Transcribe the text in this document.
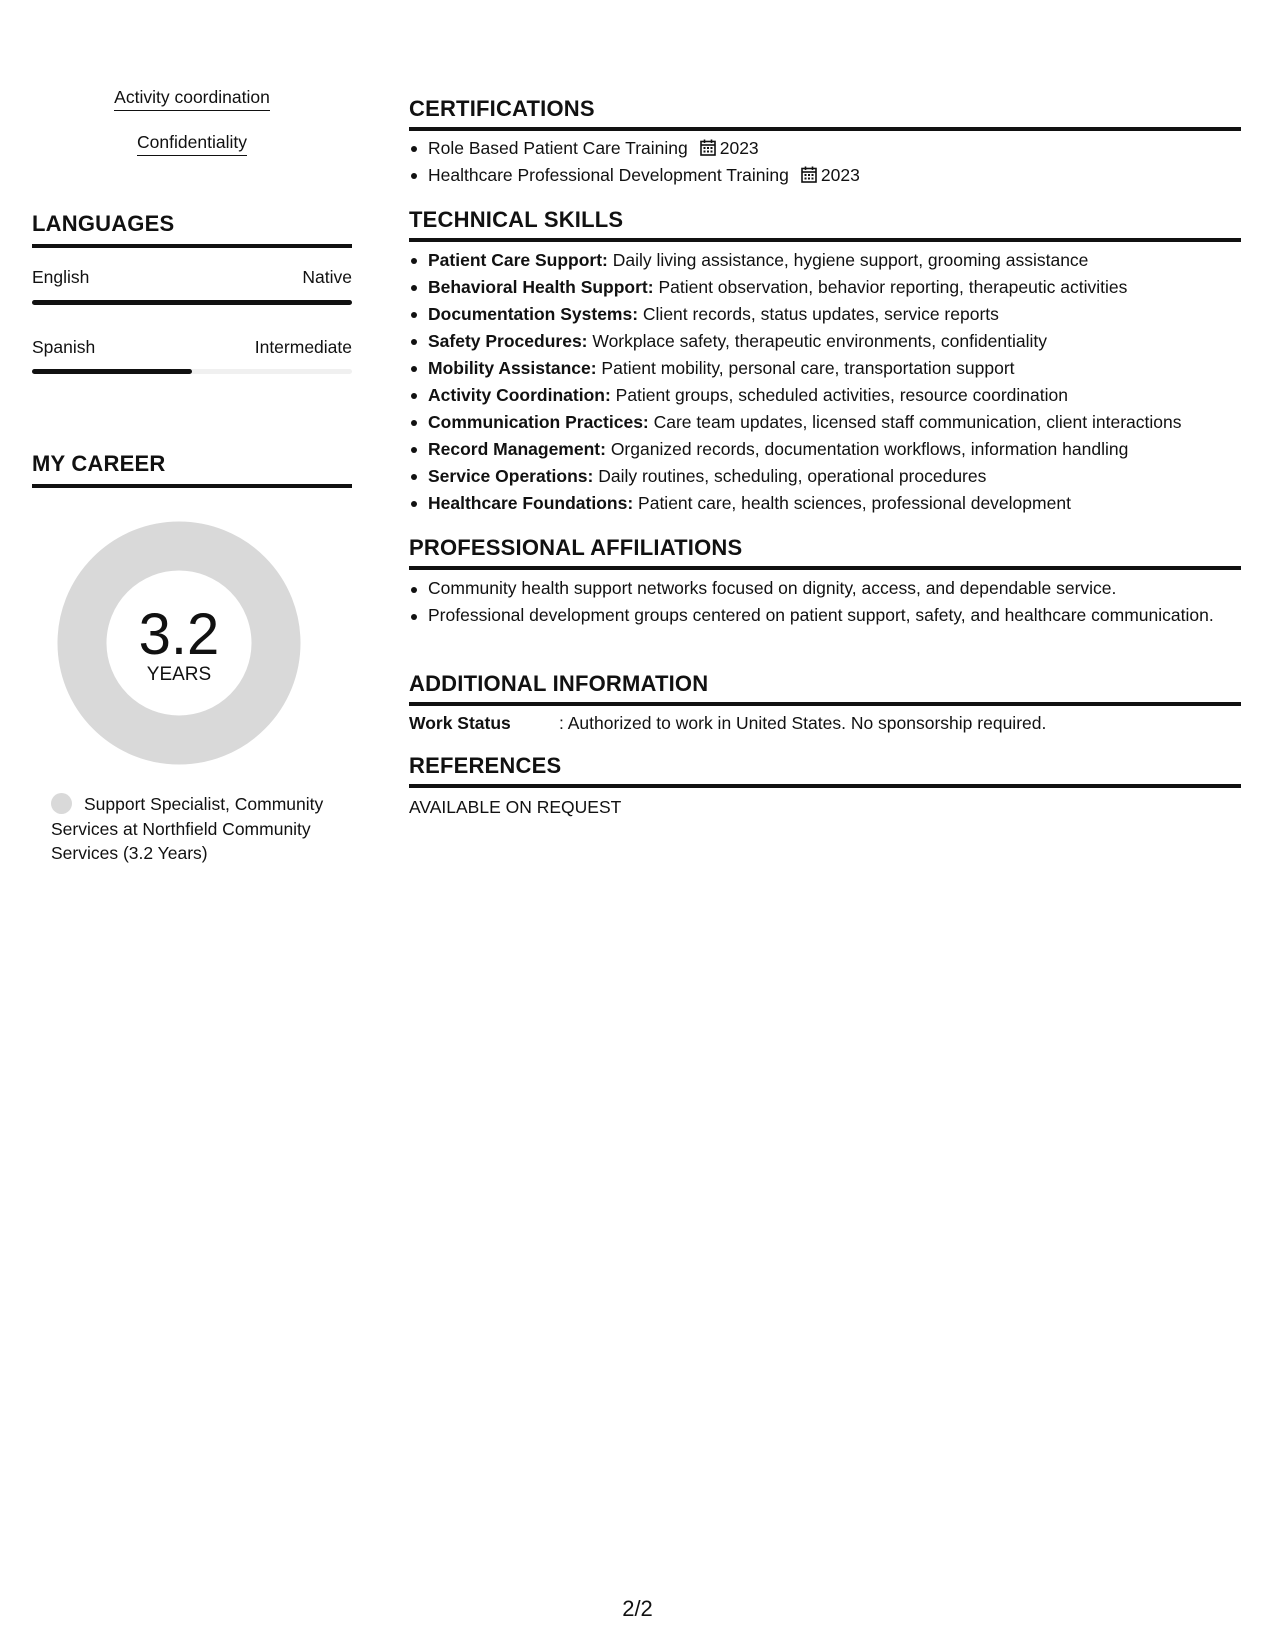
Activity coordination
Confidentiality
LANGUAGES
English	Native
Spanish	Intermediate
MY CAREER
3.2
YEARS
Support Specialist, Community Services at Northfield Community Services (3.2 Years)
CERTIFICATIONS
Role Based Patient Care Training 2023
Healthcare Professional Development Training 2023
TECHNICAL SKILLS
Patient Care Support: Daily living assistance, hygiene support, grooming assistance
Behavioral Health Support: Patient observation, behavior reporting, therapeutic activities
Documentation Systems: Client records, status updates, service reports
Safety Procedures: Workplace safety, therapeutic environments, confidentiality
Mobility Assistance: Patient mobility, personal care, transportation support
Activity Coordination: Patient groups, scheduled activities, resource coordination
Communication Practices: Care team updates, licensed staff communication, client interactions
Record Management: Organized records, documentation workflows, information handling
Service Operations: Daily routines, scheduling, operational procedures
Healthcare Foundations: Patient care, health sciences, professional development
PROFESSIONAL AFFILIATIONS
Community health support networks focused on dignity, access, and dependable service.
Professional development groups centered on patient support, safety, and healthcare communication.
ADDITIONAL INFORMATION
Work Status	: Authorized to work in United States. No sponsorship required.
REFERENCES
AVAILABLE ON REQUEST
2/2
